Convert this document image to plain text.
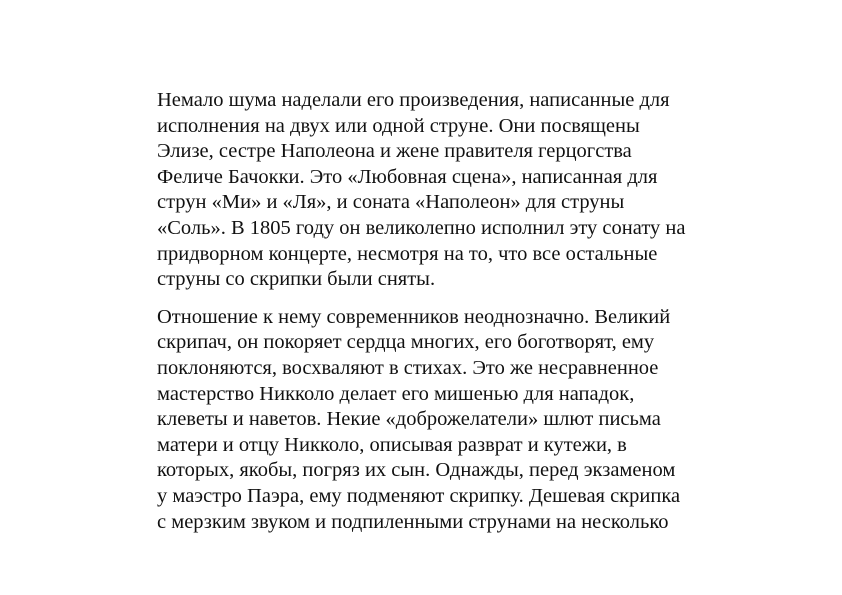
Немало шума наделали его произведения, написанные для
исполнения на двух или одной струне. Они посвящены
Элизе, сестре Наполеона и жене правителя герцогства
Феличе Бачокки. Это «Любовная сцена», написанная для
струн «Ми» и «Ля», и соната «Наполеон» для струны
«Соль». В 1805 году он великолепно исполнил эту сонату на
придворном концерте, несмотря на то, что все остальные
струны со скрипки были сняты.

Отношение к нему современников неоднозначно. Великий
скрипач, он покоряет сердца многих, его боготворят, ему
поклоняются, восхваляют в стихах. Это же несравненное
мастерство Никколо делает его мишенью для нападок,
клеветы и наветов. Некие «доброжелатели» шлют письма
матери и отцу Никколо, описывая разврат и кутежи, в
которых, якобы, погряз их сын. Однажды, перед экзаменом
у маэстро Паэра, ему подменяют скрипку. Дешевая скрипка
с мерзким звуком и подпиленными струнами на несколько
